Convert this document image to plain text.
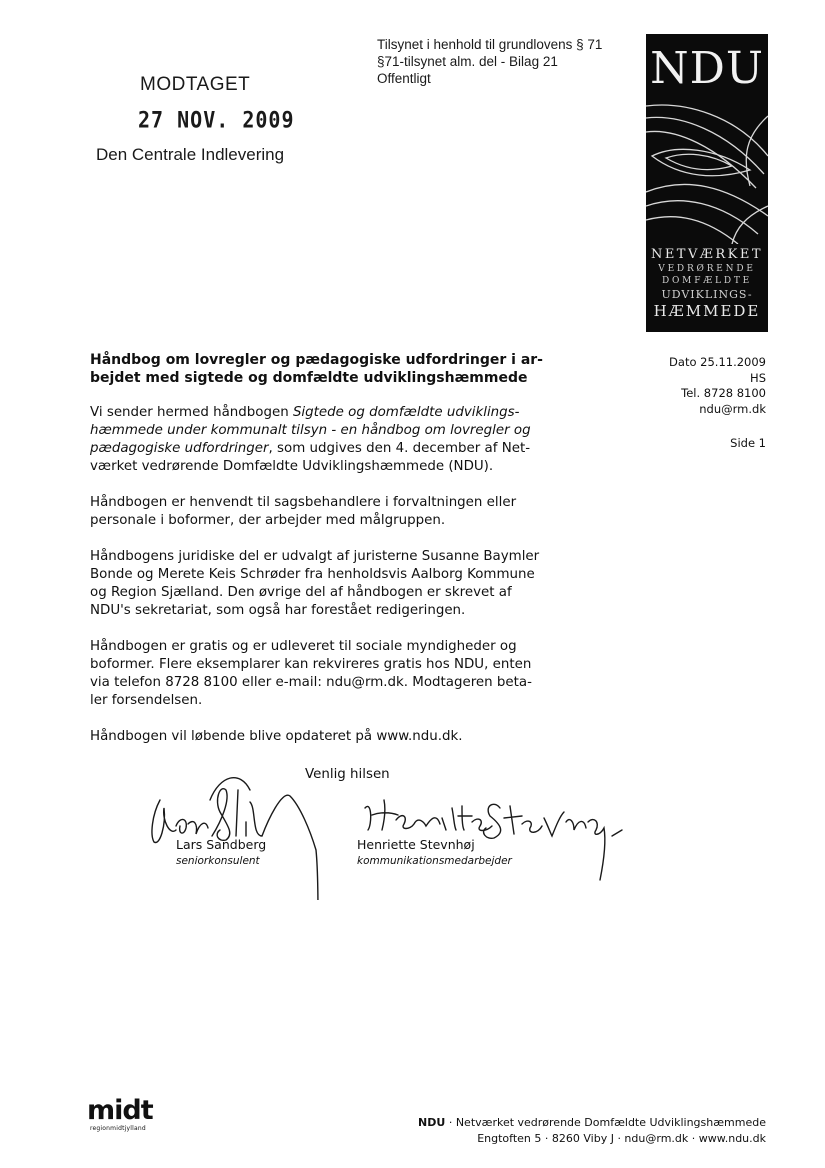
MODTAGET
27 NOV. 2009
Den Centrale Indlevering
Tilsynet i henhold til grundlovens § 71
§71-tilsynet alm. del - Bilag 21
Offentligt	NDU
NETVÆRKET
VEDRØRENDE
DOMFÆLDTE
UDVIKLINGS-
HÆMMEDE
Dato 25.11.2009
HS
Tel. 8728 8100
ndu@rm.dk
Side 1
Håndbog om lovregler og pædagogiske udfordringer i ar-
bejdet med sigtede og domfældte udviklingshæmmede

Vi sender hermed håndbogen Sigtede og domfældte udviklings-
hæmmede under kommunalt tilsyn - en håndbog om lovregler og
pædagogiske udfordringer, som udgives den 4. december af Net-
værket vedrørende Domfældte Udviklingshæmmede (NDU).

Håndbogen er henvendt til sagsbehandlere i forvaltningen eller
personale i boformer, der arbejder med målgruppen.

Håndbogens juridiske del er udvalgt af juristerne Susanne Baymler
Bonde og Merete Keis Schrøder fra henholdsvis Aalborg Kommune
og Region Sjælland. Den øvrige del af håndbogen er skrevet af
NDU's sekretariat, som også har forestået redigeringen.

Håndbogen er gratis og er udleveret til sociale myndigheder og
boformer. Flere eksemplarer kan rekvireres gratis hos NDU, enten
via telefon 8728 8100 eller e-mail: ndu@rm.dk. Modtageren beta-
ler forsendelsen.

Håndbogen vil løbende blive opdateret på www.ndu.dk.

Venlig hilsen
Lars Sandberg
seniorkonsulent
Henriette Stevnhøj
kommunikationsmedarbejder
midt
regionmidtjylland	NDU · Netværket vedrørende Domfældte Udviklingshæmmede
Engtoften 5 · 8260 Viby J · ndu@rm.dk · www.ndu.dk
